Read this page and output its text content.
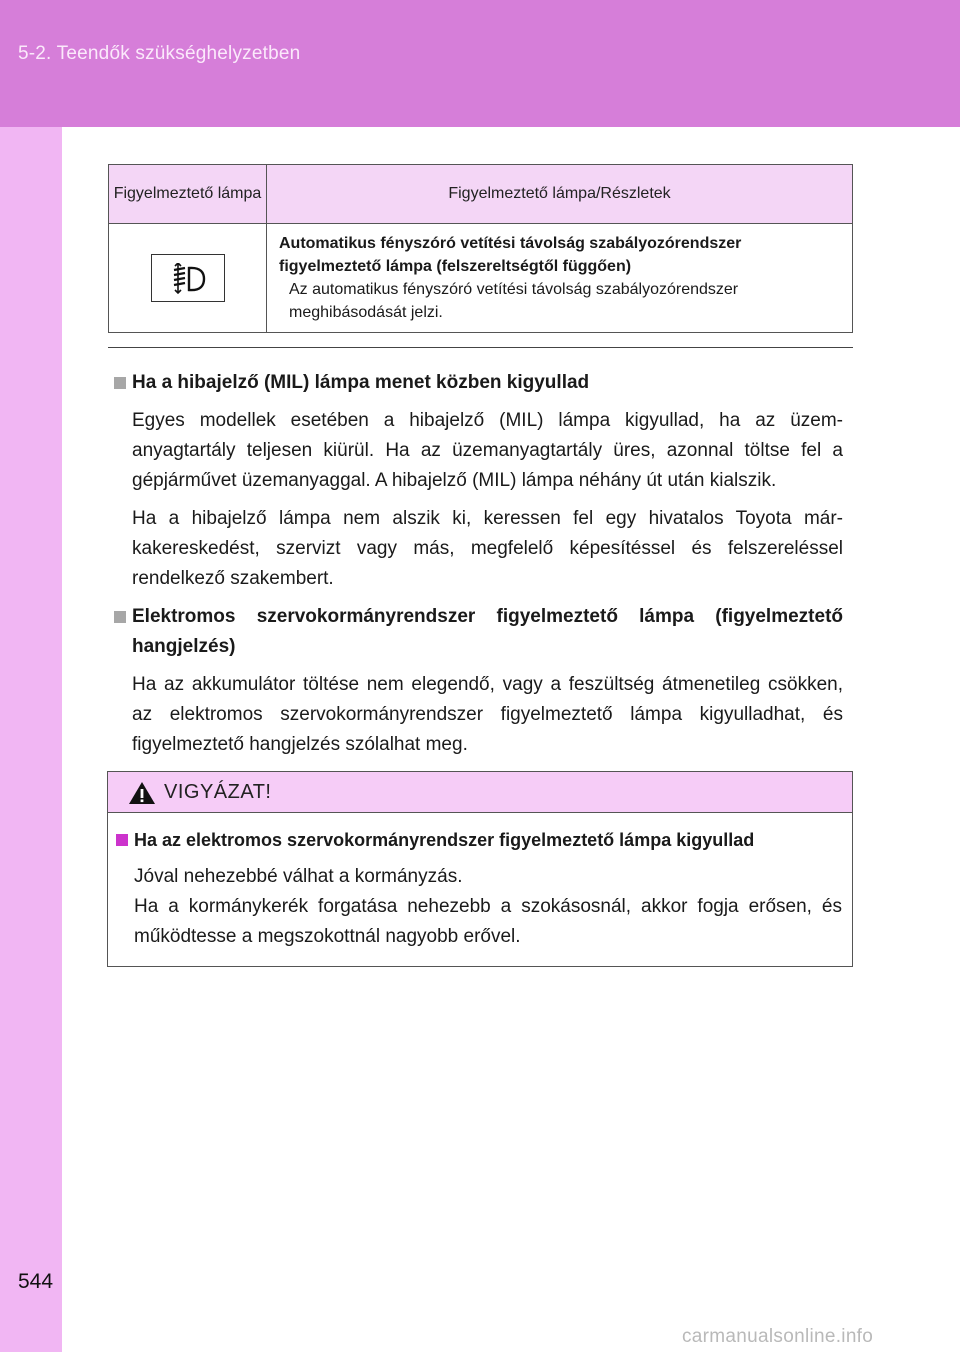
5-2. Teendők szükséghelyzetben
Figyelmeztető lámpa	Figyelmeztető lámpa/Részletek

Automatikus fényszóró vetítési távolság szabályozórendszer figyelmeztető lámpa (felszereltségtől függően)
Az automatikus fényszóró vetítési távolság szabályozórendszer meghibásodását jelzi.
Ha a hibajelző (MIL) lámpa menet közben kigyullad

Egyes modellek esetében a hibajelző (MIL) lámpa kigyullad, ha az üzemanyagtartály teljesen kiürül. Ha az üzemanyagtartály üres, azonnal töltse fel a gépjárművet üzemanyaggal. A hibajelző (MIL) lámpa néhány út után kialszik.

Ha a hibajelző lámpa nem alszik ki, keressen fel egy hivatalos Toyota márkakereskedést, szervizt vagy más, megfelelő képesítéssel és felszereléssel rendelkező szakembert.

Elektromos szervokormányrendszer figyelmeztető lámpa (figyelmeztető hangjelzés)

Ha az akkumulátor töltése nem elegendő, vagy a feszültség átmenetileg csökken, az elektromos szervokormányrendszer figyelmeztető lámpa kigyulladhat, és figyelmeztető hangjelzés szólalhat meg.

VIGYÁZAT!
Ha az elektromos szervokormányrendszer figyelmeztető lámpa kigyullad
Jóval nehezebbé válhat a kormányzás.
Ha a kormánykerék forgatása nehezebb a szokásosnál, akkor fogja erősen, és működtesse a megszokottnál nagyobb erővel.
544
carmanualsonline.info
